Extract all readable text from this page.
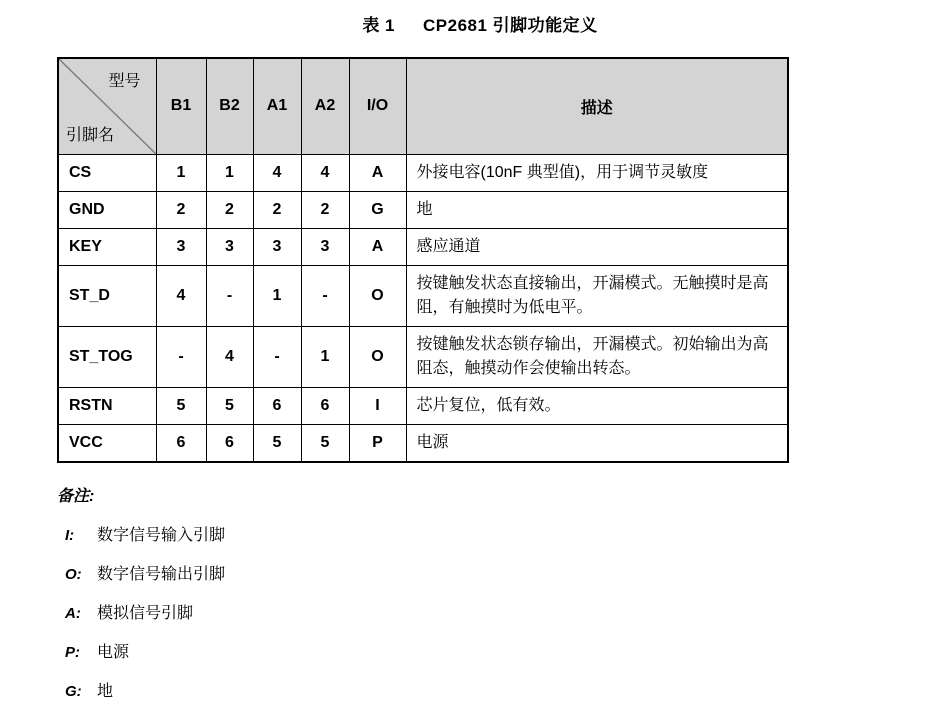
表 1 CP2681 引脚功能定义
型号
引脚名	B1	B2	A1	A2	I/O	描述
CS	1	1	4	4	A	外接电容(10nF 典型值)，用于调节灵敏度
GND	2	2	2	2	G	地
KEY	3	3	3	3	A	感应通道
ST_D	4	-	1	-	O	按键触发状态直接输出，开漏模式。无触摸时是高阻，有触摸时为低电平。
ST_TOG	-	4	-	1	O	按键触发状态锁存输出，开漏模式。初始输出为高阻态，触摸动作会使输出转态。
RSTN	5	5	6	6	I	芯片复位，低有效。
VCC	6	6	5	5	P	电源
备注:
I:	数字信号输入引脚
O: 数字信号输出引脚
A:	模拟信号引脚
P:	电源
G: 地
